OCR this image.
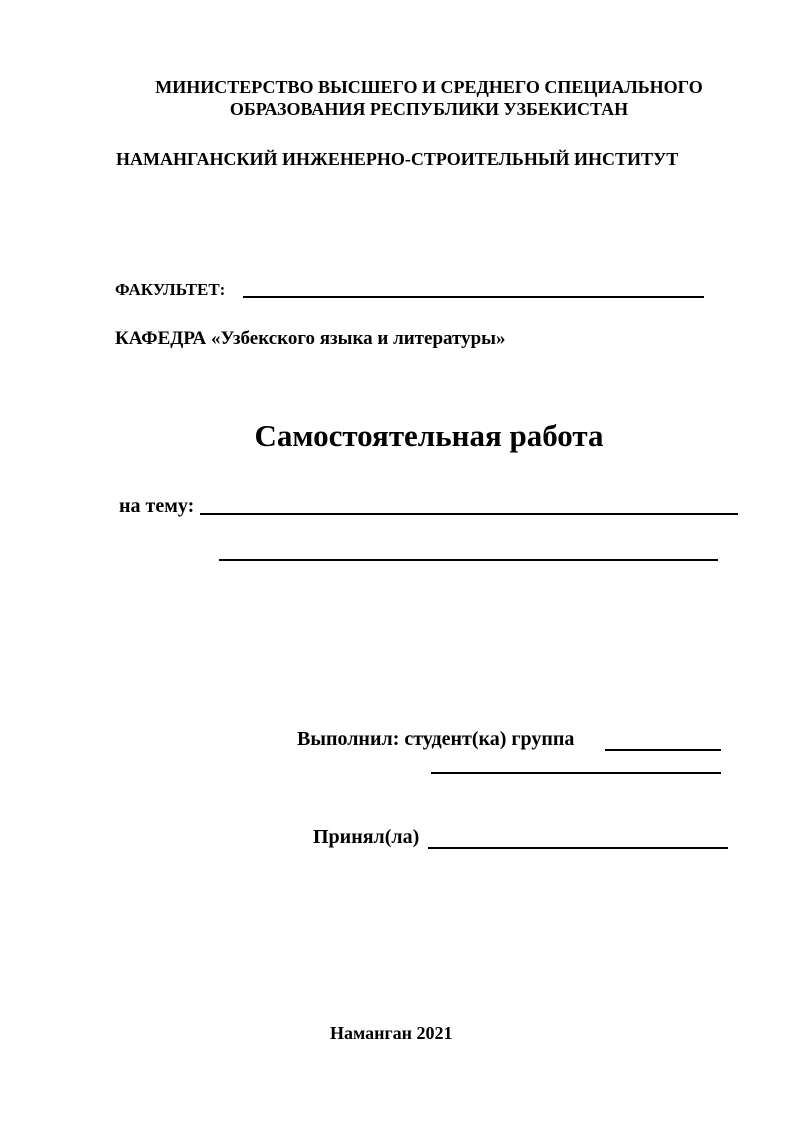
МИНИСТЕРСТВО ВЫСШЕГО И СРЕДНЕГО СПЕЦИАЛЬНОГО
ОБРАЗОВАНИЯ РЕСПУБЛИКИ УЗБЕКИСТАН
НАМАНГАНСКИЙ ИНЖЕНЕРНО-СТРОИТЕЛЬНЫЙ ИНСТИТУТ
ФАКУЛЬТЕТ:
КАФЕДРА «Узбекского языка и литературы»
Самостоятельная работа
на тему:
Выполнил: студент(ка) группа
Принял(ла)
Наманган 2021
